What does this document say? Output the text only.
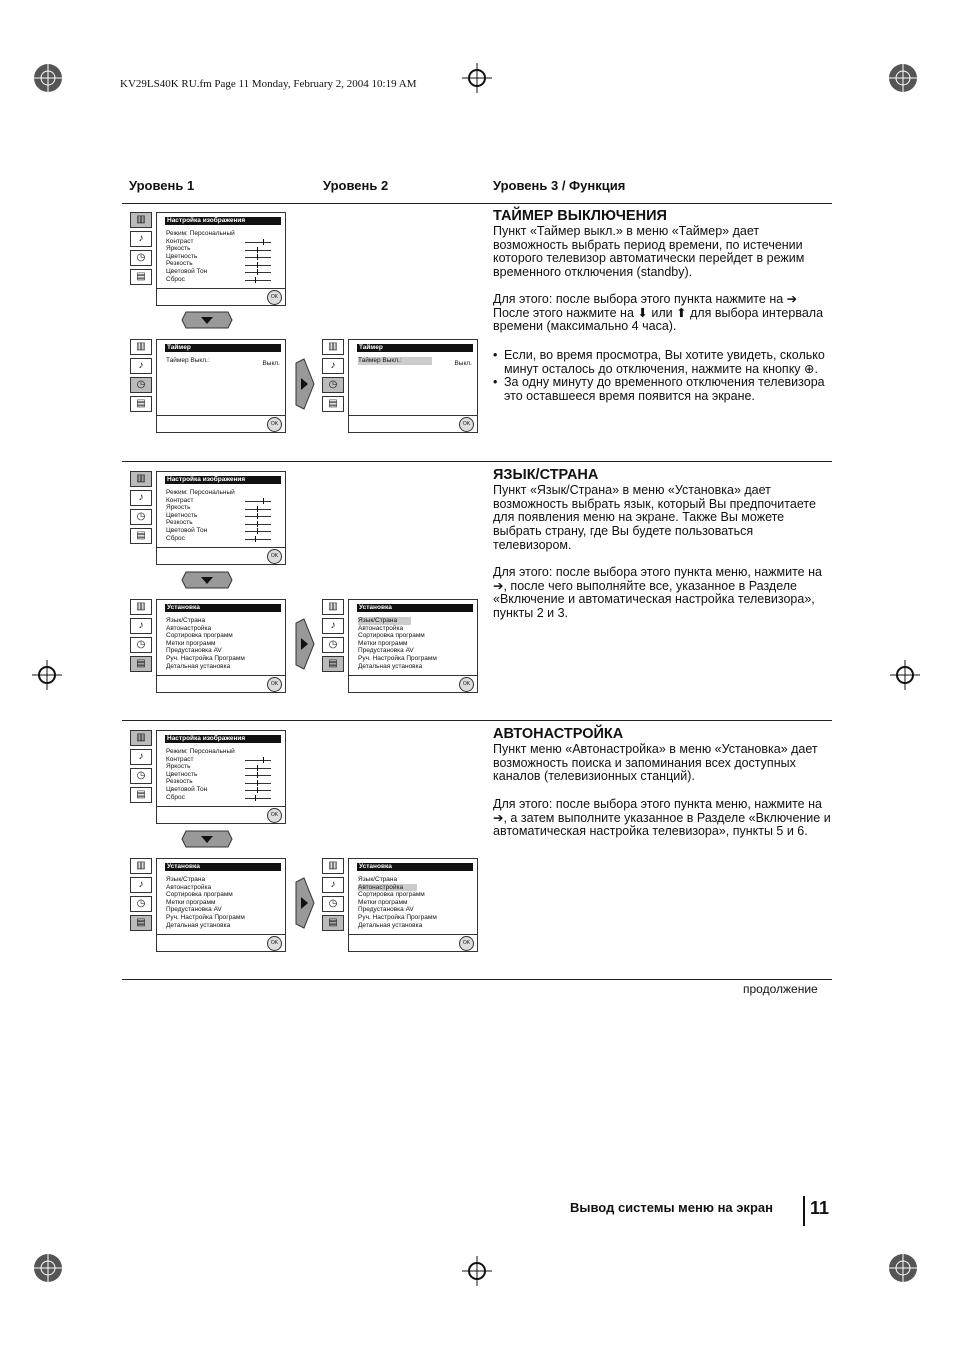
KV29LS40K RU.fm Page 11 Monday, February 2, 2004 10:19 AM
Уровень 1	Уровень 2	Уровень 3 / Функция
▥
♪
◷
▤
Настройка изображения
Режим: Персональный
Контраст
Яркость
Цветность
Резкость
Цветовой Тон
Сброс
OK
▥
♪
◷
▤
Таймер
Таймер Выкл.:	Выкл.
OK
▥
♪
◷
▤
Таймер
Таймер Выкл.:	Выкл.
OK
ТАЙМЕР ВЫКЛЮЧЕНИЯ
Пункт «Таймер выкл.» в меню «Таймер» дает возможность выбрать период времени, по истечении которого телевизор автоматически перейдет в режим временного отключения (standby).
Для этого: после выбора этого пункта нажмите на ➔ После этого нажмите на ⬇ или ⬆ для выбора интервала времени (максимально 4 часа).
• Если, во время просмотра, Вы хотите увидеть, сколько минут осталось до отключения, нажмите на кнопку ⊕.
• За одну минуту до временного отключения телевизора это оставшееся время появится на экране.
▥
♪
◷
▤
Настройка изображения
Режим: Персональный
Контраст
Яркость
Цветность
Резкость
Цветовой Тон
Сброс
OK
▥
♪
◷
▤
Установка
Язык/Страна
Автонастройка
Сортировка программ
Метки программ
Предустановка AV
Руч. Настройка Программ
Детальная установка
OK
▥
♪
◷
▤
Установка
Язык/Страна
Автонастройка
Сортировка программ
Метки программ
Предустановка AV
Руч. Настройка Программ
Детальная установка
OK
ЯЗЫК/СТРАНА
Пункт «Язык/Страна» в меню «Установка» дает возможность выбрать язык, который Вы предпочитаете для появления меню на экране. Также Вы можете выбрать страну, где Вы будете пользоваться телевизором.
Для этого: после выбора этого пункта меню, нажмите на ➔, после чего выполняйте все, указанное в Разделе «Включение и автоматическая настройка телевизора», пункты 2 и 3.
▥
♪
◷
▤
Настройка изображения
Режим: Персональный
Контраст
Яркость
Цветность
Резкость
Цветовой Тон
Сброс
OK
▥
♪
◷
▤
Установка
Язык/Страна
Автонастройка
Сортировка программ
Метки программ
Предустановка AV
Руч. Настройка Программ
Детальная установка
OK
▥
♪
◷
▤
Установка
Язык/Страна
Автонастройка
Сортировка программ
Метки программ
Предустановка AV
Руч. Настройка Программ
Детальная установка
OK
АВТОНАСТРОЙКА
Пункт меню «Автонастройка» в меню «Установка» дает возможность поиска и запоминания всех доступных каналов (телевизионных станций).
Для этого: после выбора этого пункта меню, нажмите на ➔, а затем выполните указанное в Разделе «Включение и автоматическая настройка телевизора», пункты 5 и 6.
продолжение
Вывод системы меню на экран 11
